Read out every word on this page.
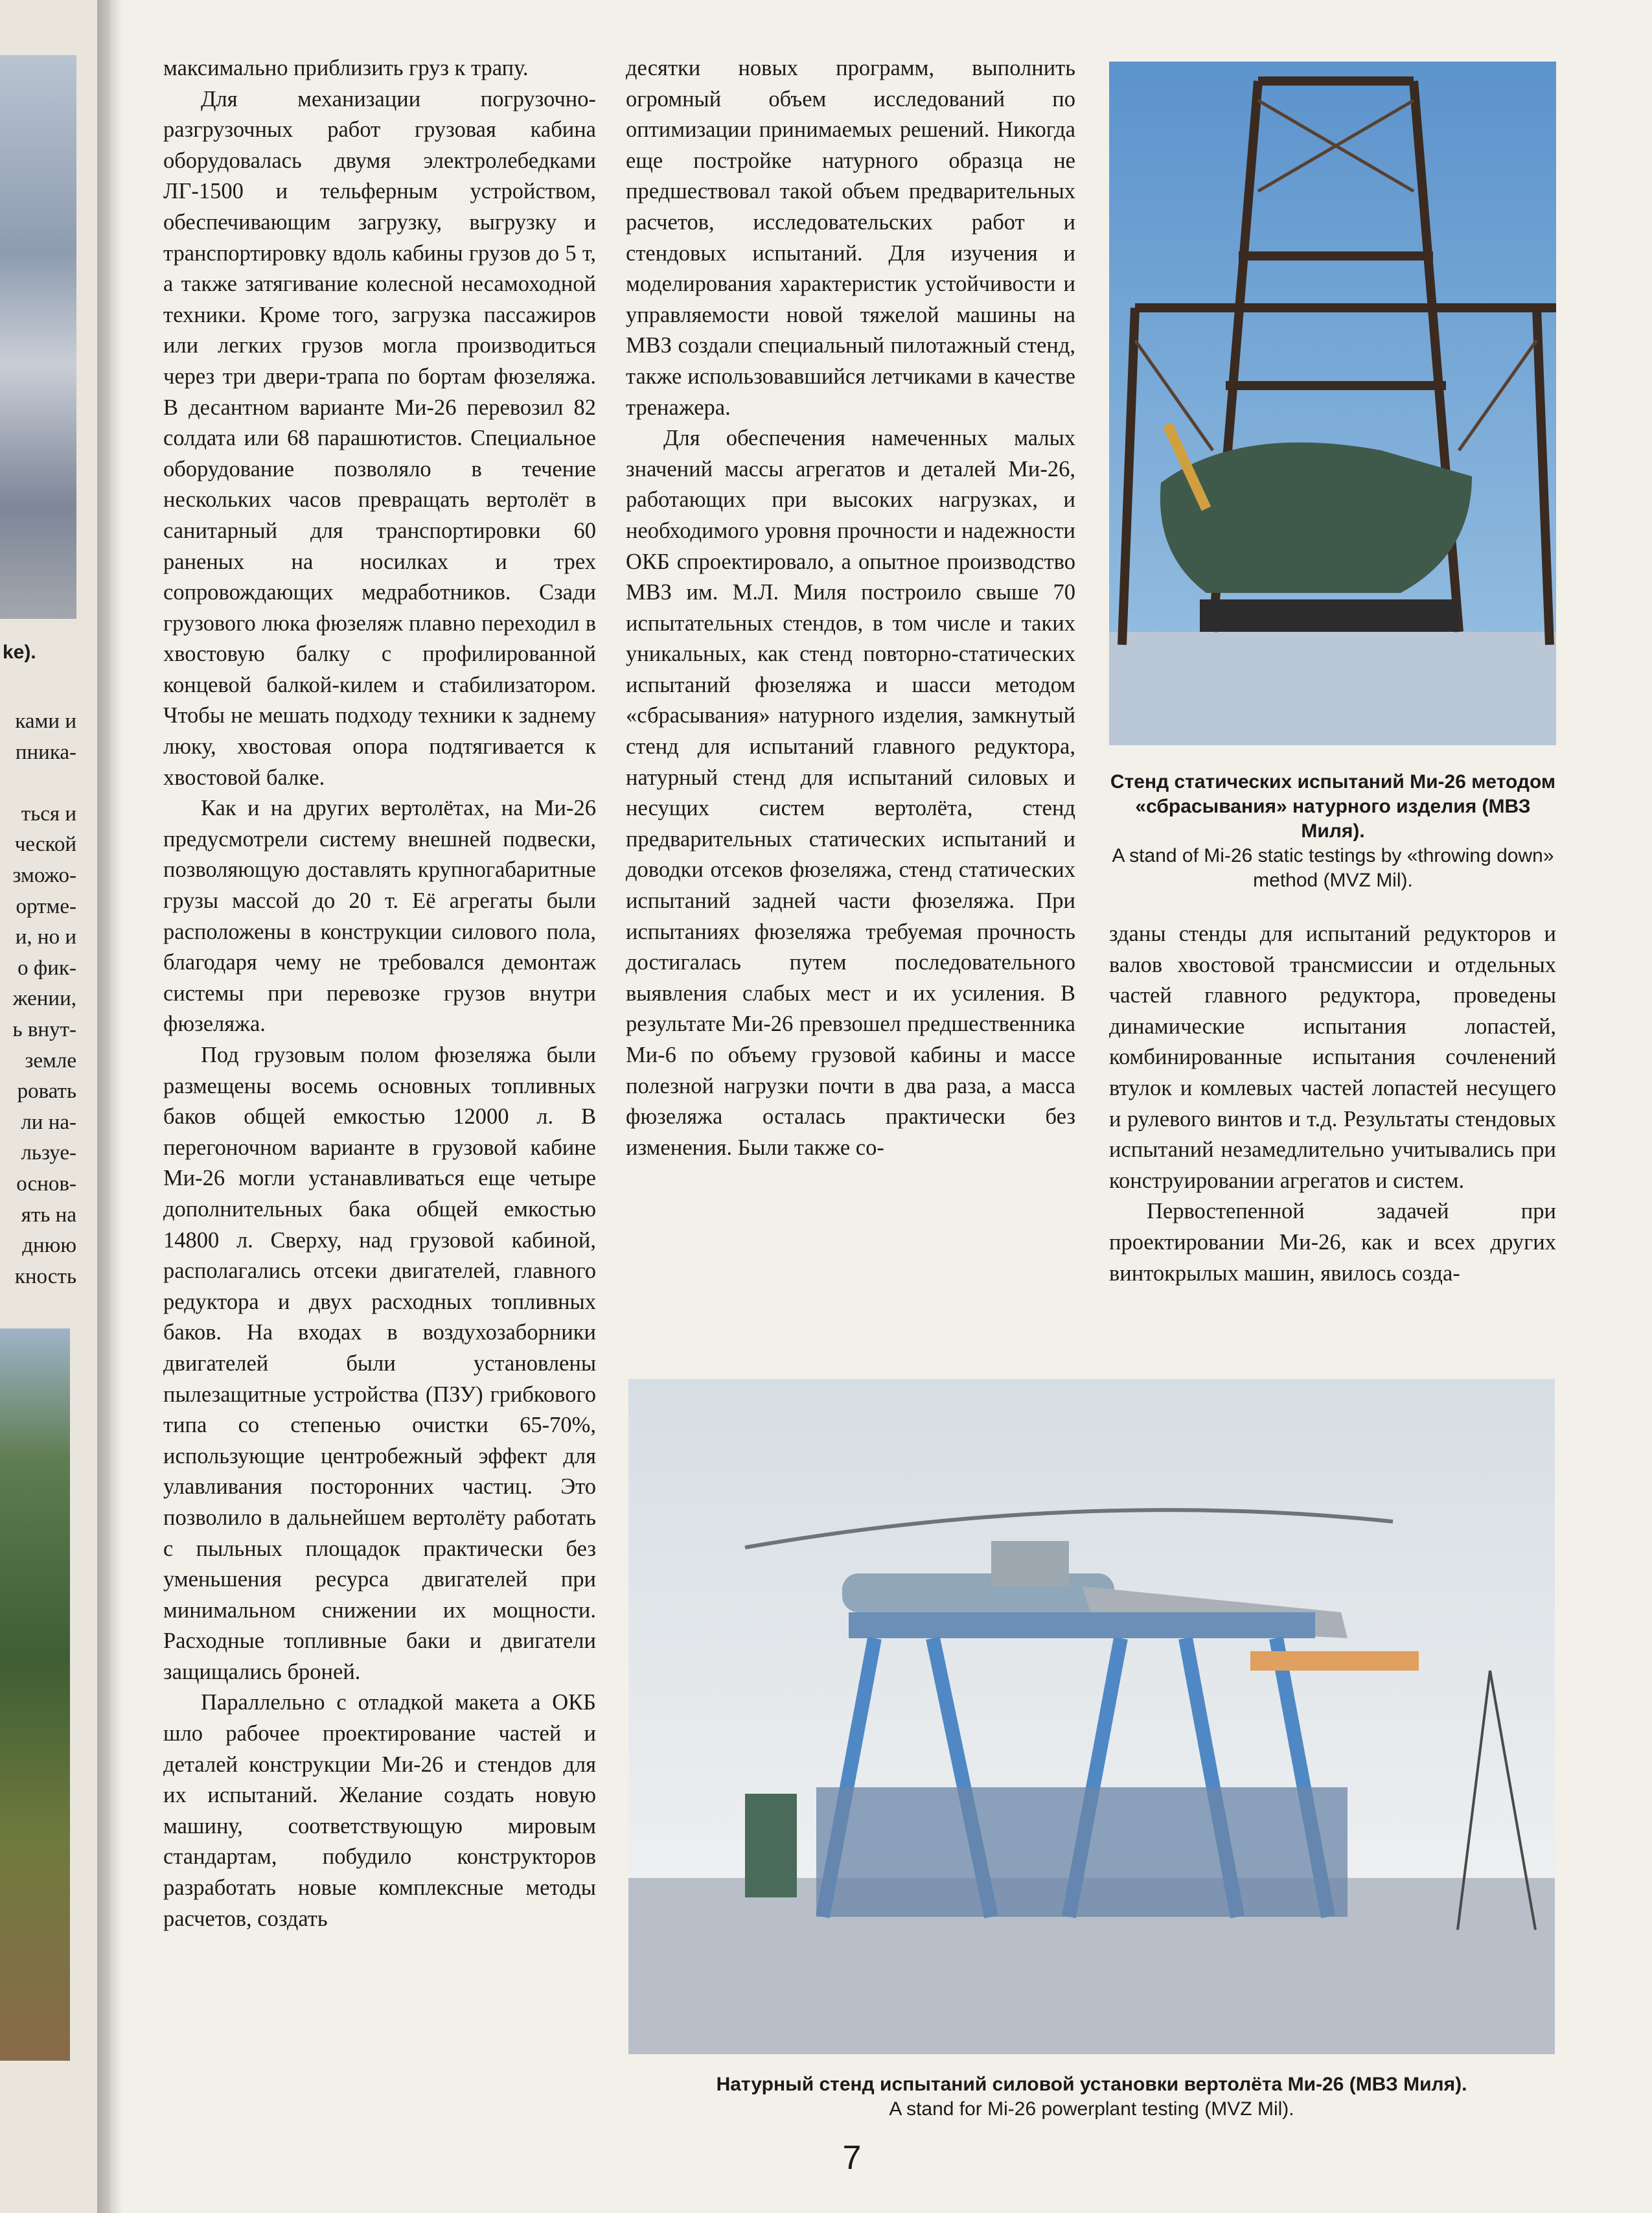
ke).
ками и
пника-

ться и
ческой
зможо-
ортме-
и, но и
о фик-
жении,
ь внут-
земле
ровать
ли на-
льзуе-
основ-
ять на
днюю
кность

максимально приблизить груз к трапу.

Для механизации погрузочно-разгрузочных работ грузовая кабина оборудовалась двумя электролебедками ЛГ-1500 и тельферным устройством, обеспечивающим загрузку, выгрузку и транспортировку вдоль кабины грузов до 5 т, а также затягивание колесной несамоходной техники. Кроме того, загрузка пассажиров или легких грузов могла производиться через три двери-трапа по бортам фюзеляжа. В десантном варианте Ми-26 перевозил 82 солдата или 68 парашютистов. Специальное оборудование позволяло в течение нескольких часов превращать вертолёт в санитарный для транспортировки 60 раненых на носилках и трех сопровождающих медработников. Сзади грузового люка фюзеляж плавно переходил в хвостовую балку с профилированной концевой балкой-килем и стабилизатором. Чтобы не мешать подходу техники к заднему люку, хвостовая опора подтягивается к хвостовой балке.

Как и на других вертолётах, на Ми-26 предусмотрели систему внешней подвески, позволяющую доставлять крупногабаритные грузы массой до 20 т. Её агрегаты были расположены в конструкции силового пола, благодаря чему не требовался демонтаж системы при перевозке грузов внутри фюзеляжа.

Под грузовым полом фюзеляжа были размещены восемь основных топливных баков общей емкостью 12000 л. В перегоночном варианте в грузовой кабине Ми-26 могли устанавливаться еще четыре дополнительных бака общей емкостью 14800 л. Сверху, над грузовой кабиной, располагались отсеки двигателей, главного редуктора и двух расходных топливных баков. На входах в воздухозаборники двигателей были установлены пылезащитные устройства (ПЗУ) грибкового типа со степенью очистки 65-70%, использующие центробежный эффект для улавливания посторонних частиц. Это позволило в дальнейшем вертолёту работать с пыльных площадок практически без уменьшения ресурса двигателей при минимальном снижении их мощности. Расходные топливные баки и двигатели защищались броней.

Параллельно с отладкой макета а ОКБ шло рабочее проектирование частей и деталей конструкции Ми-26 и стендов для их испытаний. Желание создать новую машину, соответствующую мировым стандартам, побудило конструкторов разработать новые комплексные методы расчетов, создать

десятки новых программ, выполнить огромный объем исследований по оптимизации принимаемых решений. Никогда еще постройке натурного образца не предшествовал такой объем предварительных расчетов, исследовательских работ и стендовых испытаний. Для изучения и моделирования характеристик устойчивости и управляемости новой тяжелой машины на МВЗ создали специальный пилотажный стенд, также использовавшийся летчиками в качестве тренажера.

Для обеспечения намеченных малых значений массы агрегатов и деталей Ми-26, работающих при высоких нагрузках, и необходимого уровня прочности и надежности ОКБ спроектировало, а опытное производство МВЗ им. М.Л. Миля построило свыше 70 испытательных стендов, в том числе и таких уникальных, как стенд повторно-статических испытаний фюзеляжа и шасси методом «сбрасывания» натурного изделия, замкнутый стенд для испытаний главного редуктора, натурный стенд для испытаний силовых и несущих систем вертолёта, стенд предварительных статических испытаний и доводки отсеков фюзеляжа, стенд статических испытаний задней части фюзеляжа. При испытаниях фюзеляжа требуемая прочность достигалась путем последовательного выявления слабых мест и их усиления. В результате Ми-26 превзошел предшественника Ми-6 по объему грузовой кабины и массе полезной нагрузки почти в два раза, а масса фюзеляжа осталась практически без изменения. Были также со-

Стенд статических испытаний Ми-26 методом «сбрасывания» натурного изделия (МВЗ Миля).
A stand of Mi-26 static testings by «throwing down» method (MVZ Mil).

зданы стенды для испытаний редукторов и валов хвостовой трансмиссии и отдельных частей главного редуктора, проведены динамические испытания лопастей, комбинированные испытания сочленений втулок и комлевых частей лопастей несущего и рулевого винтов и т.д. Результаты стендовых испытаний незамедлительно учитывались при конструировании агрегатов и систем.

Первостепенной задачей при проектировании Ми-26, как и всех других винтокрылых машин, явилось созда-

Натурный стенд испытаний силовой установки вертолёта Ми-26 (МВЗ Миля).
A stand for Mi-26 powerplant testing (MVZ Mil).
7
